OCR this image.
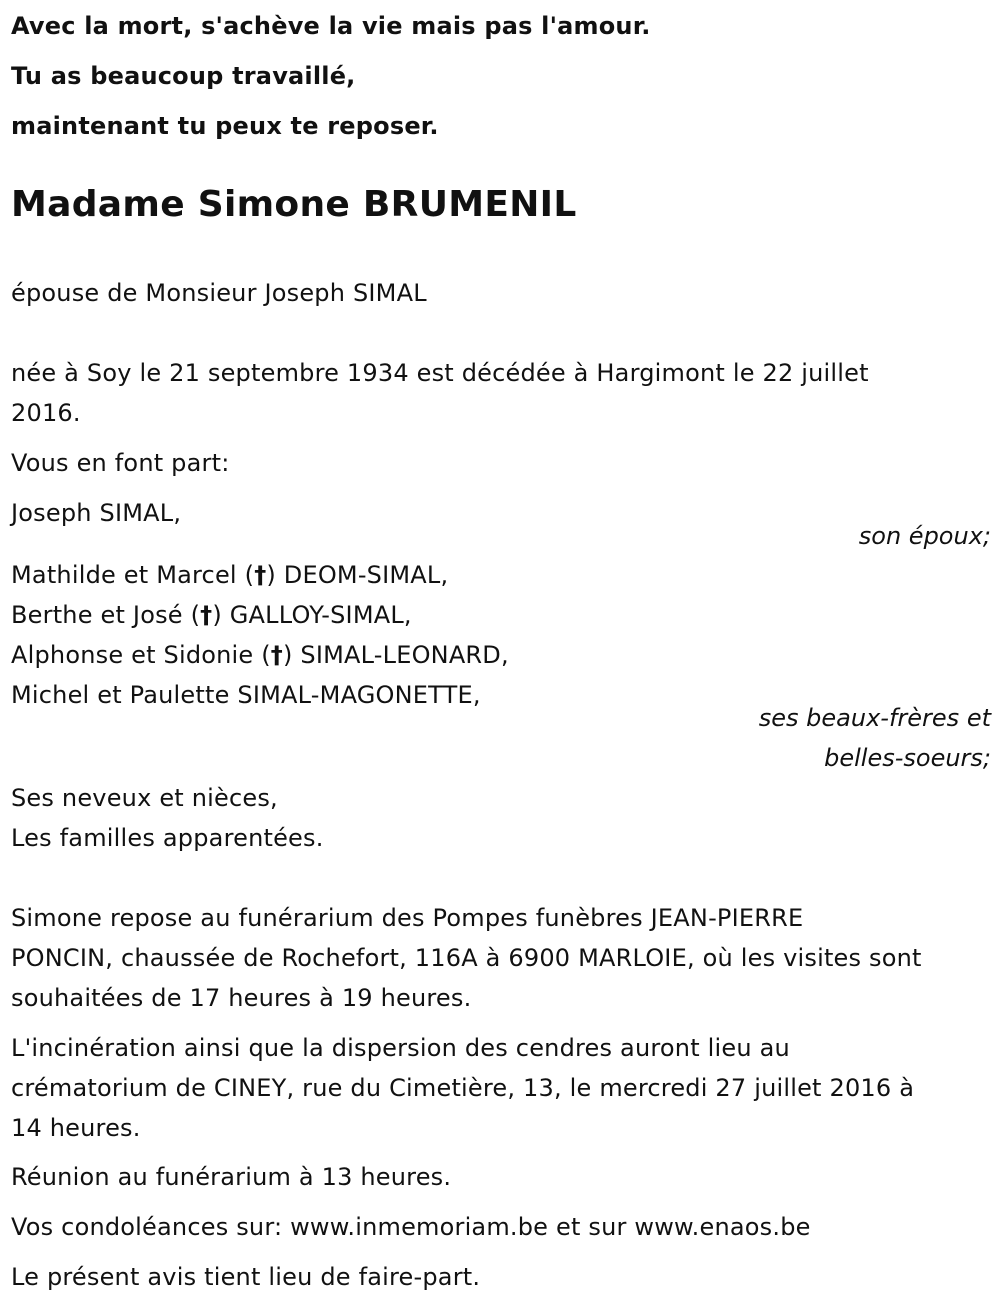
Avec la mort, s'achève la vie mais pas l'amour.
Tu as beaucoup travaillé,
maintenant tu peux te reposer.
Madame Simone BRUMENIL
épouse de Monsieur Joseph SIMAL
née à Soy le 21 septembre 1934 est décédée à Hargimont le 22 juillet
2016.
Vous en font part:
Joseph SIMAL,
son époux;
Mathilde et Marcel (†) DEOM-SIMAL,
Berthe et José (†) GALLOY-SIMAL,
Alphonse et Sidonie (†) SIMAL-LEONARD,
Michel et Paulette SIMAL-MAGONETTE,
ses beaux-frères et
belles-soeurs;
Ses neveux et nièces,
Les familles apparentées.
Simone repose au funérarium des Pompes funèbres JEAN-PIERRE
PONCIN, chaussée de Rochefort, 116A à 6900 MARLOIE, où les visites sont
souhaitées de 17 heures à 19 heures.
L'incinération ainsi que la dispersion des cendres auront lieu au
crématorium de CINEY, rue du Cimetière, 13, le mercredi 27 juillet 2016 à
14 heures.
Réunion au funérarium à 13 heures.
Vos condoléances sur: www.inmemoriam.be et sur www.enaos.be
Le présent avis tient lieu de faire-part.
